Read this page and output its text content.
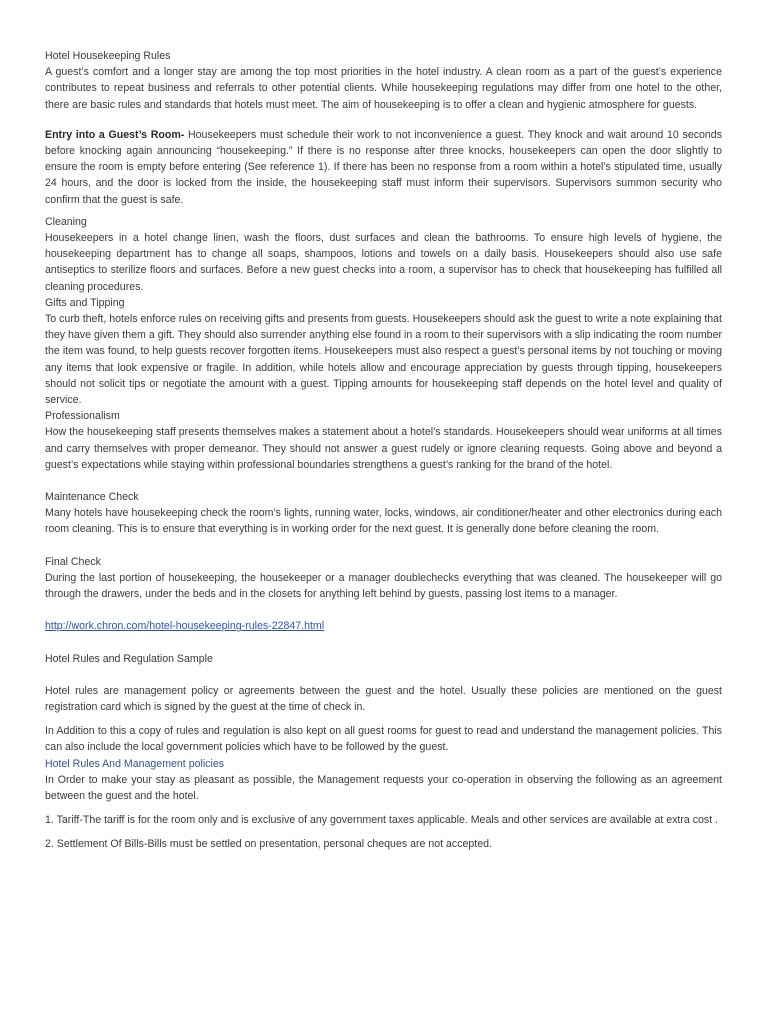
Hotel Housekeeping Rules

A guest’s comfort and a longer stay are among the top most priorities in the hotel industry. A clean room as a part of the guest’s experience contributes to repeat business and referrals to other potential clients. While housekeeping regulations may differ from one hotel to the other, there are basic rules and standards that hotels must meet. The aim of housekeeping is to offer a clean and hygienic atmosphere for guests.

Entry into a Guest’s Room- Housekeepers must schedule their work to not inconvenience a guest. They knock and wait around 10 seconds before knocking again announcing “housekeeping.” If there is no response after three knocks, housekeepers can open the door slightly to ensure the room is empty before entering (See reference 1). If there has been no response from a room within a hotel’s stipulated time, usually 24 hours, and the door is locked from the inside, the housekeeping staff must inform their supervisors. Supervisors summon security who confirm that the guest is safe.

Cleaning

Housekeepers in a hotel change linen, wash the floors, dust surfaces and clean the bathrooms. To ensure high levels of hygiene, the housekeeping department has to change all soaps, shampoos, lotions and towels on a daily basis. Housekeepers should also use safe antiseptics to sterilize floors and surfaces. Before a new guest checks into a room, a supervisor has to check that housekeeping has fulfilled all cleaning procedures.

Gifts and Tipping

To curb theft, hotels enforce rules on receiving gifts and presents from guests. Housekeepers should ask the guest to write a note explaining that they have given them a gift. They should also surrender anything else found in a room to their supervisors with a slip indicating the room number the item was found, to help guests recover forgotten items. Housekeepers must also respect a guest’s personal items by not touching or moving any items that look expensive or fragile. In addition, while hotels allow and encourage appreciation by guests through tipping, housekeepers should not solicit tips or negotiate the amount with a guest. Tipping amounts for housekeeping staff depends on the hotel level and quality of service.

Professionalism

How the housekeeping staff presents themselves makes a statement about a hotel’s standards. Housekeepers should wear uniforms at all times and carry themselves with proper demeanor. They should not answer a guest rudely or ignore cleaning requests. Going above and beyond a guest’s expectations while staying within professional boundaries strengthens a guest’s ranking for the brand of the hotel.

Maintenance Check

Many hotels have housekeeping check the room’s lights, running water, locks, windows, air conditioner/heater and other electronics during each room cleaning. This is to ensure that everything is in working order for the next guest. It is generally done before cleaning the room.

Final Check

During the last portion of housekeeping, the housekeeper or a manager doublechecks everything that was cleaned. The housekeeper will go through the drawers, under the beds and in the closets for anything left behind by guests, passing lost items to a manager.

http://work.chron.com/hotel-housekeeping-rules-22847.html

Hotel Rules and Regulation Sample

Hotel rules are management policy or agreements between the guest and the hotel. Usually these policies are mentioned on the guest registration card which is signed by the guest at the time of check in.

In Addition to this a copy of rules and regulation is also kept on all guest rooms for guest to read and understand the management policies. This can also include the local government policies which have to be followed by the guest.

Hotel Rules And Management policies

In Order to make your stay as pleasant as possible, the Management requests your co-operation in observing the following as an agreement between the guest and the hotel.

1. Tariff-The tariff is for the room only and is exclusive of any government taxes applicable. Meals and other services are available at extra cost .

2. Settlement Of Bills-Bills must be settled on presentation, personal cheques are not accepted.
